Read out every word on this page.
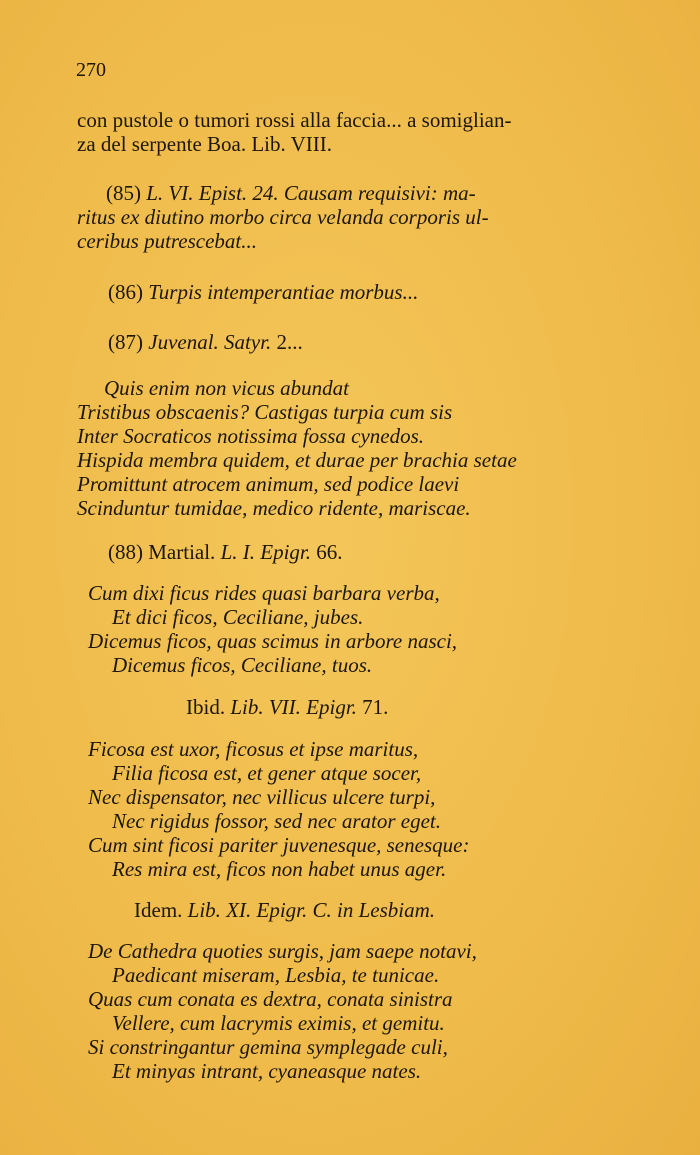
270
con pustole o tumori rossi alla faccia... a somiglian-
za del serpente Boa. Lib. VIII.
(85) L. VI. Epist. 24. Causam requisivi: ma-
ritus ex diutino morbo circa velanda corporis ul-
ceribus putrescebat...
(86) Turpis intemperantiae morbus...
(87) Juvenal. Satyr. 2...
Quis enim non vicus abundat
Tristibus obscaenis? Castigas turpia cum sis
Inter Socraticos notissima fossa cynedos.
Hispida membra quidem, et durae per brachia setae
Promittunt atrocem animum, sed podice laevi
Scinduntur tumidae, medico ridente, mariscae.
(88) Martial. L. I. Epigr. 66.
Cum dixi ficus rides quasi barbara verba,
Et dici ficos, Ceciliane, jubes.
Dicemus ficos, quas scimus in arbore nasci,
Dicemus ficos, Ceciliane, tuos.
Ibid. Lib. VII. Epigr. 71.
Ficosa est uxor, ficosus et ipse maritus,
Filia ficosa est, et gener atque socer,
Nec dispensator, nec villicus ulcere turpi,
Nec rigidus fossor, sed nec arator eget.
Cum sint ficosi pariter juvenesque, senesque:
Res mira est, ficos non habet unus ager.
Idem. Lib. XI. Epigr. C. in Lesbiam.
De Cathedra quoties surgis, jam saepe notavi,
Paedicant miseram, Lesbia, te tunicae.
Quas cum conata es dextra, conata sinistra
Vellere, cum lacrymis eximis, et gemitu.
Si constringantur gemina symplegade culi,
Et minyas intrant, cyaneasque nates.
